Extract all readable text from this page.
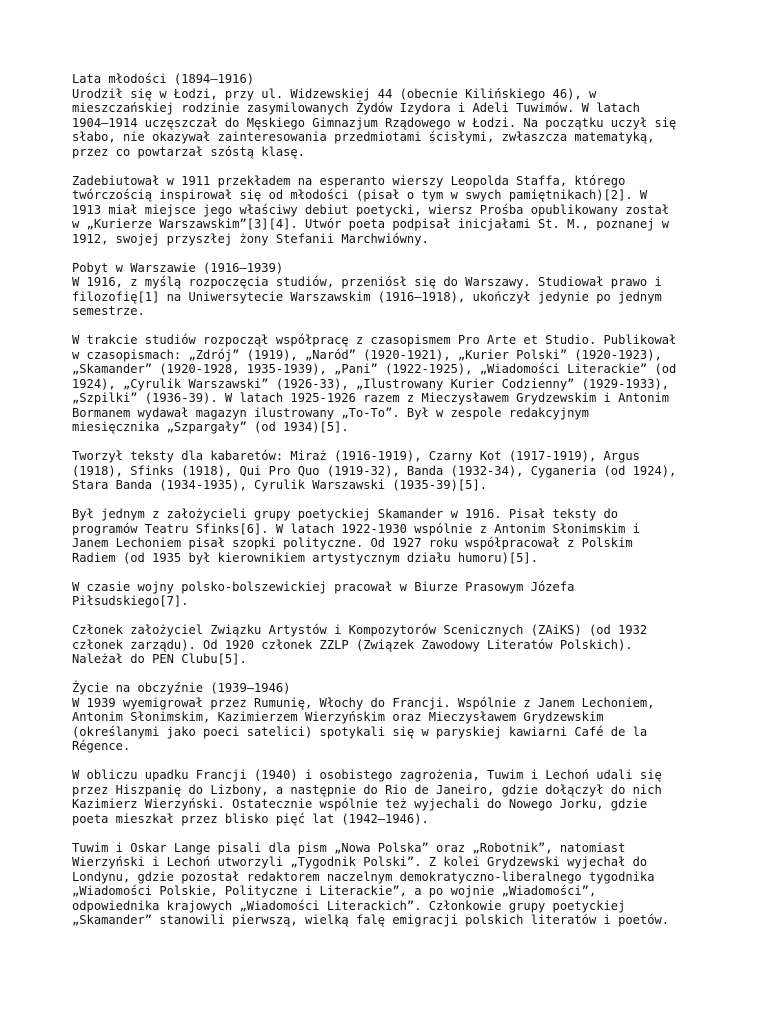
Lata młodości (1894–1916)
Urodził się w Łodzi, przy ul. Widzewskiej 44 (obecnie Kilińskiego 46), w
mieszczańskiej rodzinie zasymilowanych Żydów Izydora i Adeli Tuwimów. W latach
1904–1914 uczęszczał do Męskiego Gimnazjum Rządowego w Łodzi. Na początku uczył się
słabo, nie okazywał zainteresowania przedmiotami ścisłymi, zwłaszcza matematyką,
przez co powtarzał szóstą klasę.
Zadebiutował w 1911 przekładem na esperanto wierszy Leopolda Staffa, którego
twórczością inspirował się od młodości (pisał o tym w swych pamiętnikach)[2]. W
1913 miał miejsce jego właściwy debiut poetycki, wiersz Prośba opublikowany został
w „Kurierze Warszawskim”[3][4]. Utwór poeta podpisał inicjałami St. M., poznanej w
1912, swojej przyszłej żony Stefanii Marchwiówny.
Pobyt w Warszawie (1916–1939)
W 1916, z myślą rozpoczęcia studiów, przeniósł się do Warszawy. Studiował prawo i
filozofię[1] na Uniwersytecie Warszawskim (1916–1918), ukończył jedynie po jednym
semestrze.
W trakcie studiów rozpoczął współpracę z czasopismem Pro Arte et Studio. Publikował
w czasopismach: „Zdrój” (1919), „Naród” (1920-1921), „Kurier Polski” (1920-1923),
„Skamander” (1920-1928, 1935-1939), „Pani” (1922-1925), „Wiadomości Literackie” (od
1924), „Cyrulik Warszawski” (1926-33), „Ilustrowany Kurier Codzienny” (1929-1933),
„Szpilki” (1936-39). W latach 1925-1926 razem z Mieczysławem Grydzewskim i Antonim
Bormanem wydawał magazyn ilustrowany „To-To”. Był w zespole redakcyjnym
miesięcznika „Szpargały” (od 1934)[5].
Tworzył teksty dla kabaretów: Miraż (1916-1919), Czarny Kot (1917-1919), Argus
(1918), Sfinks (1918), Qui Pro Quo (1919-32), Banda (1932-34), Cyganeria (od 1924),
Stara Banda (1934-1935), Cyrulik Warszawski (1935-39)[5].
Był jednym z założycieli grupy poetyckiej Skamander w 1916. Pisał teksty do
programów Teatru Sfinks[6]. W latach 1922-1930 wspólnie z Antonim Słonimskim i
Janem Lechoniem pisał szopki polityczne. Od 1927 roku współpracował z Polskim
Radiem (od 1935 był kierownikiem artystycznym działu humoru)[5].
W czasie wojny polsko-bolszewickiej pracował w Biurze Prasowym Józefa
Piłsudskiego[7].
Członek założyciel Związku Artystów i Kompozytorów Scenicznych (ZAiKS) (od 1932
członek zarządu). Od 1920 członek ZZLP (Związek Zawodowy Literatów Polskich).
Należał do PEN Clubu[5].
Życie na obczyźnie (1939–1946)
W 1939 wyemigrował przez Rumunię, Włochy do Francji. Wspólnie z Janem Lechoniem,
Antonim Słonimskim, Kazimierzem Wierzyńskim oraz Mieczysławem Grydzewskim
(określanymi jako poeci satelici) spotykali się w paryskiej kawiarni Café de la
Régence.
W obliczu upadku Francji (1940) i osobistego zagrożenia, Tuwim i Lechoń udali się
przez Hiszpanię do Lizbony, a następnie do Rio de Janeiro, gdzie dołączył do nich
Kazimierz Wierzyński. Ostatecznie wspólnie też wyjechali do Nowego Jorku, gdzie
poeta mieszkał przez blisko pięć lat (1942–1946).
Tuwim i Oskar Lange pisali dla pism „Nowa Polska” oraz „Robotnik”, natomiast
Wierzyński i Lechoń utworzyli „Tygodnik Polski”. Z kolei Grydzewski wyjechał do
Londynu, gdzie pozostał redaktorem naczelnym demokratyczno-liberalnego tygodnika
„Wiadomości Polskie, Polityczne i Literackie”, a po wojnie „Wiadomości”,
odpowiednika krajowych „Wiadomości Literackich”. Członkowie grupy poetyckiej
„Skamander” stanowili pierwszą, wielką falę emigracji polskich literatów i poetów.
